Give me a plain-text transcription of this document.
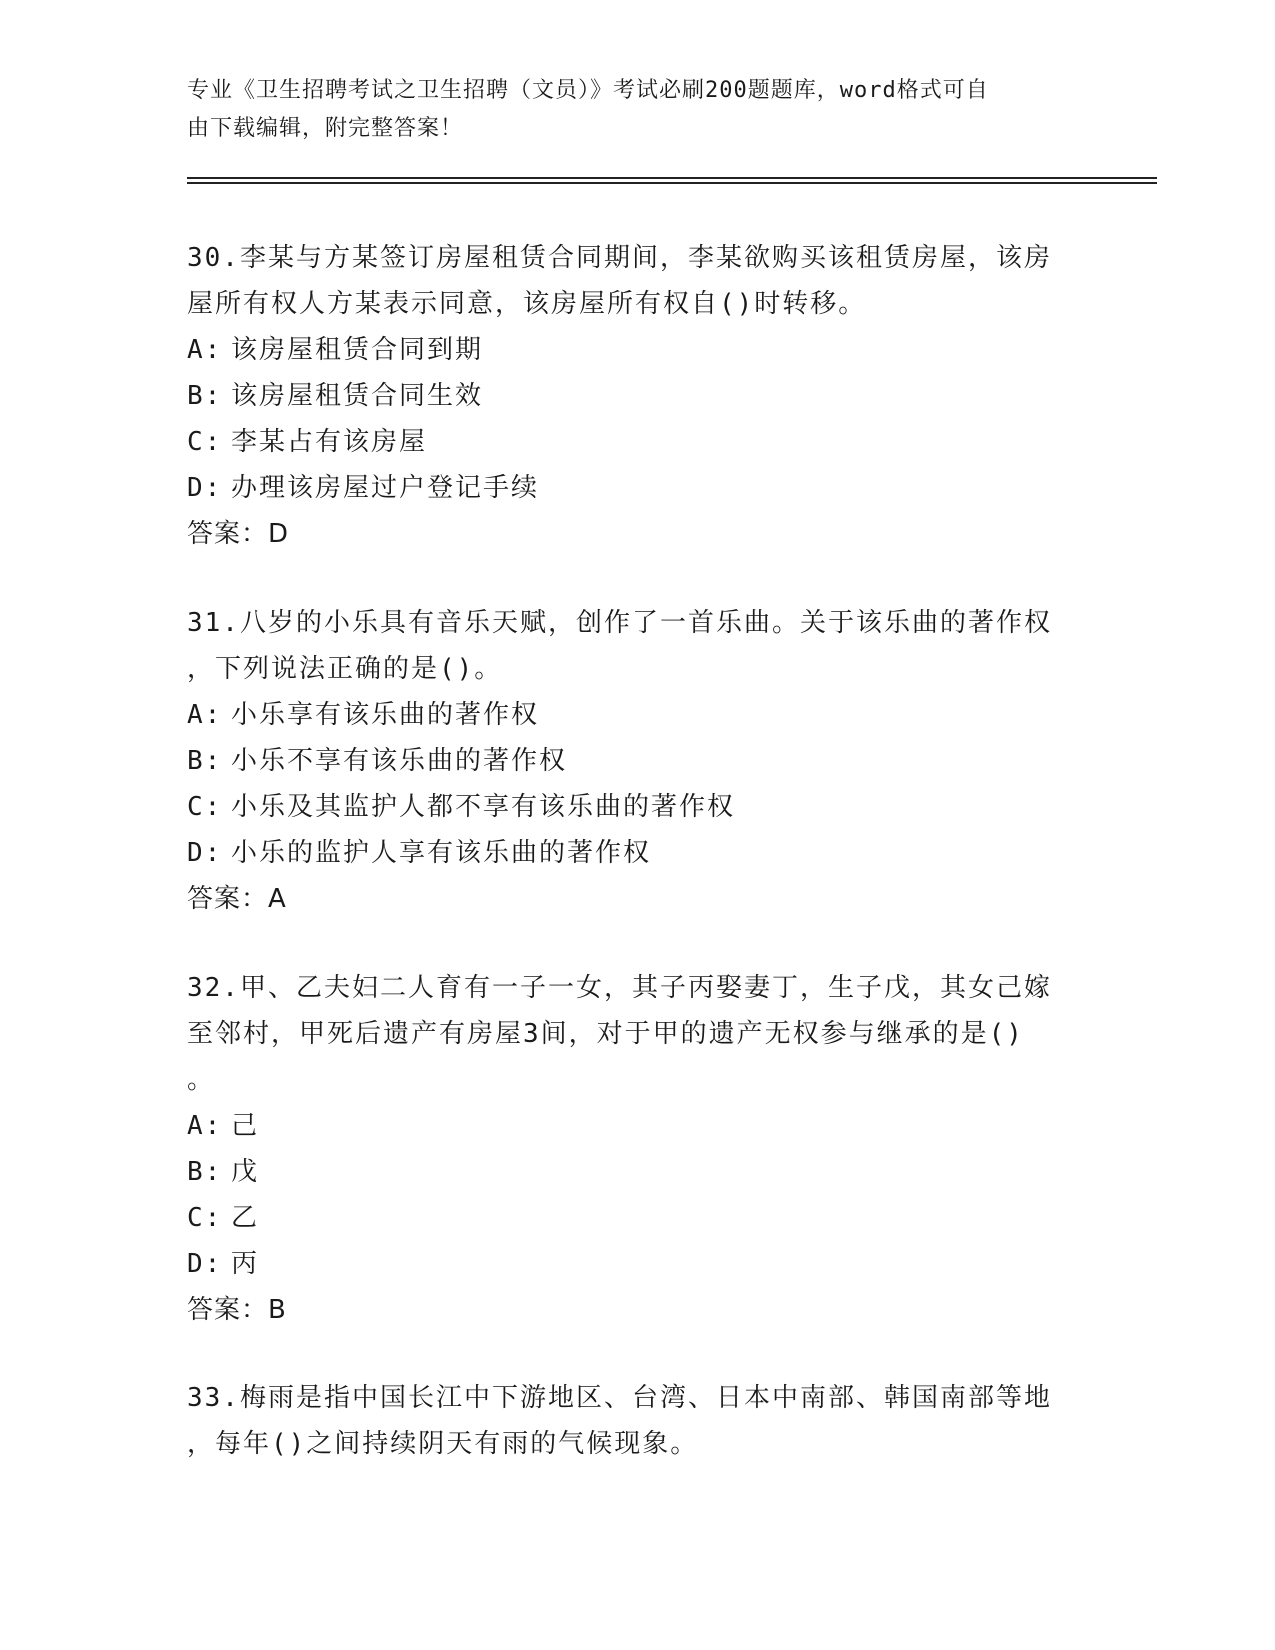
专业《卫生招聘考试之卫生招聘（文员）》考试必刷200题题库，word格式可自
由下载编辑，附完整答案！

30.李某与方某签订房屋租赁合同期间，李某欲购买该租赁房屋，该房

屋所有权人方某表示同意，该房屋所有权自()时转移。

A: 该房屋租赁合同到期

B: 该房屋租赁合同生效

C: 李某占有该房屋

D: 办理该房屋过户登记手续

答案：D

31.八岁的小乐具有音乐天赋，创作了一首乐曲。关于该乐曲的著作权

，下列说法正确的是()。

A: 小乐享有该乐曲的著作权

B: 小乐不享有该乐曲的著作权

C: 小乐及其监护人都不享有该乐曲的著作权

D: 小乐的监护人享有该乐曲的著作权

答案：A

32.甲、乙夫妇二人育有一子一女，其子丙娶妻丁，生子戊，其女己嫁

至邻村，甲死后遗产有房屋3间，对于甲的遗产无权参与继承的是()

。

A: 己

B: 戊

C: 乙

D: 丙

答案：B

33.梅雨是指中国长江中下游地区、台湾、日本中南部、韩国南部等地

，每年()之间持续阴天有雨的气候现象。
